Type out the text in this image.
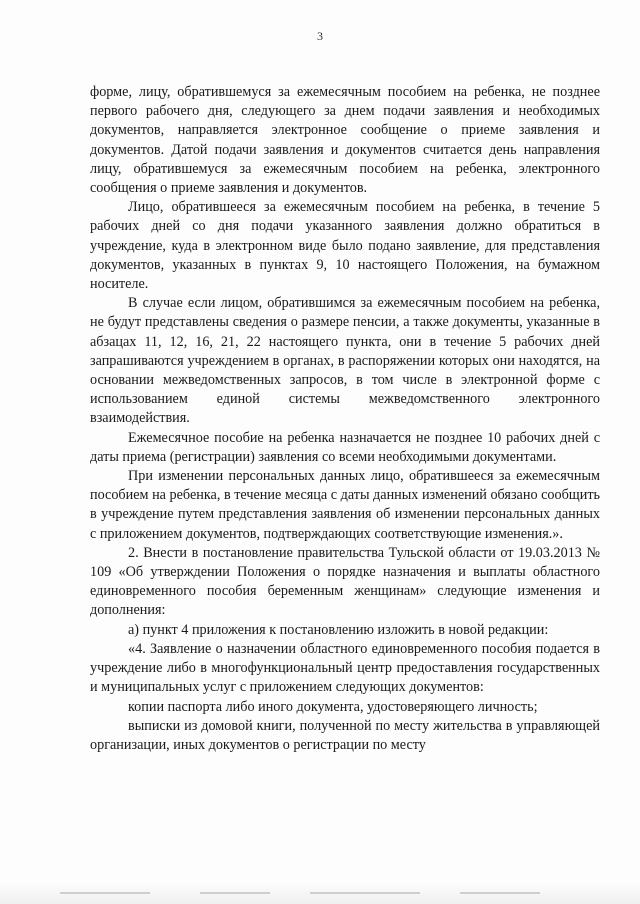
3

форме, лицу, обратившемуся за ежемесячным пособием на ребенка, не позднее первого рабочего дня, следующего за днем подачи заявления и необходимых документов, направляется электронное сообщение о приеме заявления и документов. Датой подачи заявления и документов считается день направления лицу, обратившемуся за ежемесячным пособием на ребенка, электронного сообщения о приеме заявления и документов.

Лицо, обратившееся за ежемесячным пособием на ребенка, в течение 5 рабочих дней со дня подачи указанного заявления должно обратиться в учреждение, куда в электронном виде было подано заявление, для представления документов, указанных в пунктах 9, 10 настоящего Положения, на бумажном носителе.

В случае если лицом, обратившимся за ежемесячным пособием на ребенка, не будут представлены сведения о размере пенсии, а также документы, указанные в абзацах 11, 12, 16, 21, 22 настоящего пункта, они в течение 5 рабочих дней запрашиваются учреждением в органах, в распоряжении которых они находятся, на основании межведомственных запросов, в том числе в электронной форме с использованием единой системы межведомственного электронного взаимодействия.

Ежемесячное пособие на ребенка назначается не позднее 10 рабочих дней с даты приема (регистрации) заявления со всеми необходимыми документами.

При изменении персональных данных лицо, обратившееся за ежемесячным пособием на ребенка, в течение месяца с даты данных изменений обязано сообщить в учреждение путем представления заявления об изменении персональных данных с приложением документов, подтверждающих соответствующие изменения.».

2. Внести в постановление правительства Тульской области от 19.03.2013 № 109 «Об утверждении Положения о порядке назначения и выплаты областного единовременного пособия беременным женщинам» следующие изменения и дополнения:

а) пункт 4 приложения к постановлению изложить в новой редакции:

«4. Заявление о назначении областного единовременного пособия подается в учреждение либо в многофункциональный центр предоставления государственных и муниципальных услуг с приложением следующих документов:

копии паспорта либо иного документа, удостоверяющего личность;

выписки из домовой книги, полученной по месту жительства в управляющей организации, иных документов о регистрации по месту
